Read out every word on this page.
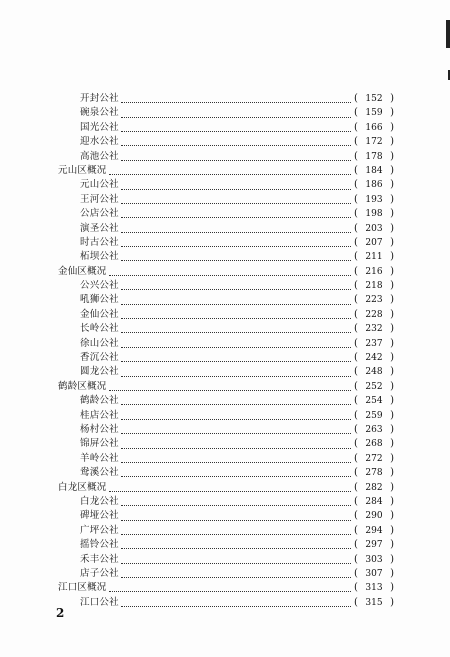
开封公社	( 152 )
碗泉公社	( 159 )
国光公社	( 166 )
迎水公社	( 172 )
高池公社	( 178 )
元山区概况	( 184 )
元山公社	( 186 )
王河公社	( 193 )
公店公社	( 198 )
演圣公社	( 203 )
时古公社	( 207 )
柘坝公社	( 211 )
金仙区概况	( 216 )
公兴公社	( 218 )
吼狮公社	( 223 )
金仙公社	( 228 )
长岭公社	( 232 )
徐山公社	( 237 )
香沉公社	( 242 )
圆龙公社	( 248 )
鹤龄区概况	( 252 )
鹤龄公社	( 254 )
桂店公社	( 259 )
杨村公社	( 263 )
锦屏公社	( 268 )
羊岭公社	( 272 )
鸯溪公社	( 278 )
白龙区概况	( 282 )
白龙公社	( 284 )
碑垭公社	( 290 )
广坪公社	( 294 )
摇铃公社	( 297 )
禾丰公社	( 303 )
店子公社	( 307 )
江口区概况	( 313 )
江口公社	( 315 )
2
